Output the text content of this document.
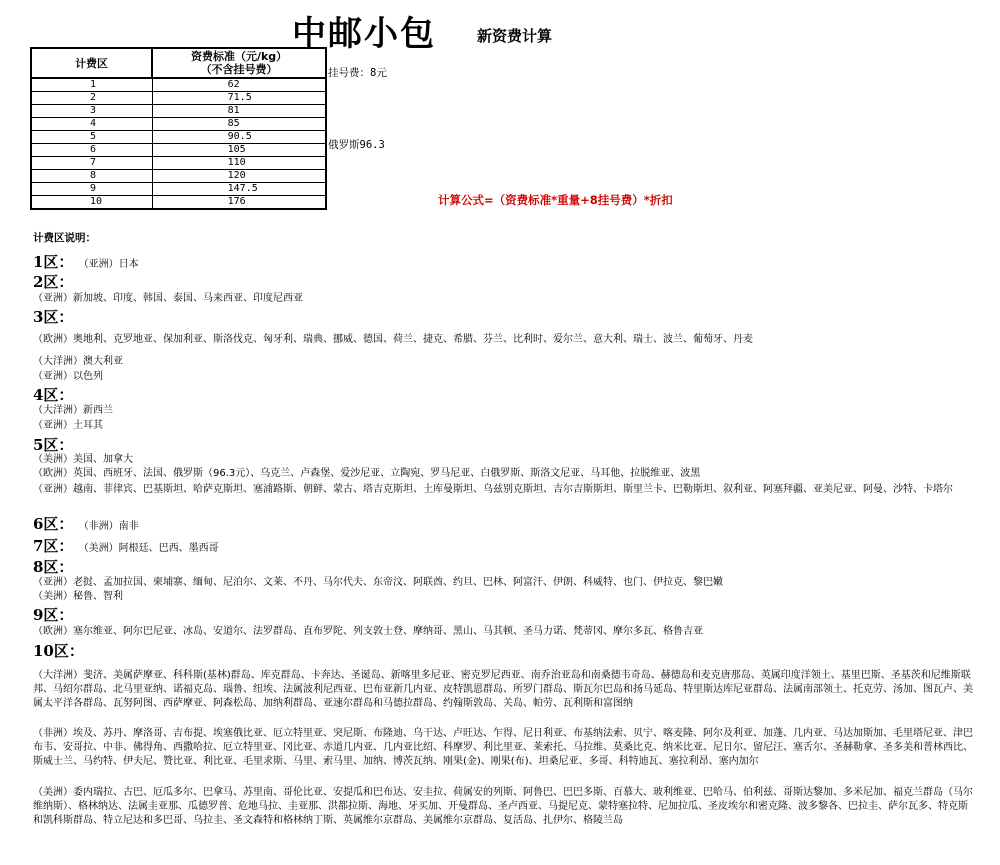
中邮小包	新资费计算
计费区	资费标准（元/kg）
（不含挂号费）

1	62
2	71.5
3	81
4	85
5	90.5
6	105
7	110
8	120
9	147.5
10	176
挂号费：8元
俄罗斯96.3
计算公式=（资费标准*重量+8挂号费）*折扣
计费区说明：
1区： （亚洲）日本
2区：
（亚洲）新加坡、印度、韩国、泰国、马来西亚、印度尼西亚
3区：
（欧洲）奥地利、克罗地亚、保加利亚、斯洛伐克、匈牙利、瑞典、挪威、德国、荷兰、捷克、希腊、芬兰、比利时、爱尔兰、意大利、瑞士、波兰、葡萄牙、丹麦
（大洋洲）澳大利亚
（亚洲）以色列
4区：
（大洋洲）新西兰
（亚洲）土耳其
5区：
（美洲）美国、加拿大
（欧洲）英国、西班牙、法国、俄罗斯（96.3元）、乌克兰、卢森堡、爱沙尼亚、立陶宛、罗马尼亚、白俄罗斯、斯洛文尼亚、马耳他、拉脱维亚、波黑
（亚洲）越南、菲律宾、巴基斯坦、哈萨克斯坦、塞浦路斯、朝鲜、蒙古、塔吉克斯坦、土库曼斯坦、乌兹别克斯坦、吉尔吉斯斯坦、斯里兰卡、巴勒斯坦、叙利亚、阿塞拜疆、亚美尼亚、阿曼、沙特、卡塔尔
6区： （非洲）南非
7区： （美洲）阿根廷、巴西、墨西哥
8区：
（亚洲）老挝、孟加拉国、柬埔寨、缅甸、尼泊尔、文莱、不丹、马尔代夫、东帝汶、阿联酋、约旦、巴林、阿富汗、伊朗、科威特、也门、伊拉克、黎巴嫩
（美洲）秘鲁、智利
9区：
（欧洲）塞尔维亚、阿尔巴尼亚、冰岛、安道尔、法罗群岛、直布罗陀、列支敦士登、摩纳哥、黑山、马其顿、圣马力诺、梵蒂冈、摩尔多瓦、格鲁吉亚
10区：
（大洋洲）斐济、美属萨摩亚、科科斯(基林)群岛、库克群岛、卡奔达、圣诞岛、新喀里多尼亚、密克罗尼西亚、南乔治亚岛和南桑德韦奇岛、赫德岛和麦克唐那岛、英属印度洋领土、基里巴斯、圣基茨和尼维斯联邦、马绍尔群岛、北马里亚纳、诺福克岛、瑙鲁、纽埃、法属波利尼西亚、巴布亚新几内亚、皮特凯恩群岛、所罗门群岛、斯瓦尔巴岛和扬马延岛、特里斯达库尼亚群岛、法属南部领土、托克劳、汤加、图瓦卢、美属太平洋各群岛、瓦努阿图、西萨摩亚、阿森松岛、加纳利群岛、亚速尔群岛和马德拉群岛、约翰斯敦岛、关岛、帕劳、瓦利斯和富图纳
（非洲）埃及、苏丹、摩洛哥、吉布提、埃塞俄比亚、厄立特里亚、突尼斯、布隆迪、乌干达、卢旺达、乍得、尼日利亚、布基纳法索、贝宁、喀麦隆、阿尔及利亚、加蓬、几内亚、马达加斯加、毛里塔尼亚、津巴布韦、安哥拉、中非、佛得角、西撒哈拉、厄立特里亚、冈比亚、赤道几内亚、几内亚比绍、科摩罗、利比里亚、莱索托、马拉维、莫桑比克、纳米比亚、尼日尔、留尼汪、塞舌尔、圣赫勒拿、圣多美和普林西比、斯威士兰、马约特、伊夫尼、赞比亚、利比亚、毛里求斯、马里、索马里、加纳、博茨瓦纳、刚果(金)、刚果(布)、坦桑尼亚、多哥、科特迪瓦、塞拉利昂、塞内加尔
（美洲）委内瑞拉、古巴、厄瓜多尔、巴拿马、苏里南、哥伦比亚、安提瓜和巴布达、安圭拉、荷属安的列斯、阿鲁巴、巴巴多斯、百慕大、玻利维亚、巴哈马、伯利兹、哥斯达黎加、多米尼加、福克兰群岛（马尔维纳斯）、格林纳达、法属圭亚那、瓜德罗普、危地马拉、圭亚那、洪都拉斯、海地、牙买加、开曼群岛、圣卢西亚、马提尼克、蒙特塞拉特、尼加拉瓜、圣皮埃尔和密克隆、波多黎各、巴拉圭、萨尔瓦多、特克斯和凯科斯群岛、特立尼达和多巴哥、乌拉圭、圣文森特和格林纳丁斯、英属维尔京群岛、美属维尔京群岛、复活岛、扎伊尔、格陵兰岛
